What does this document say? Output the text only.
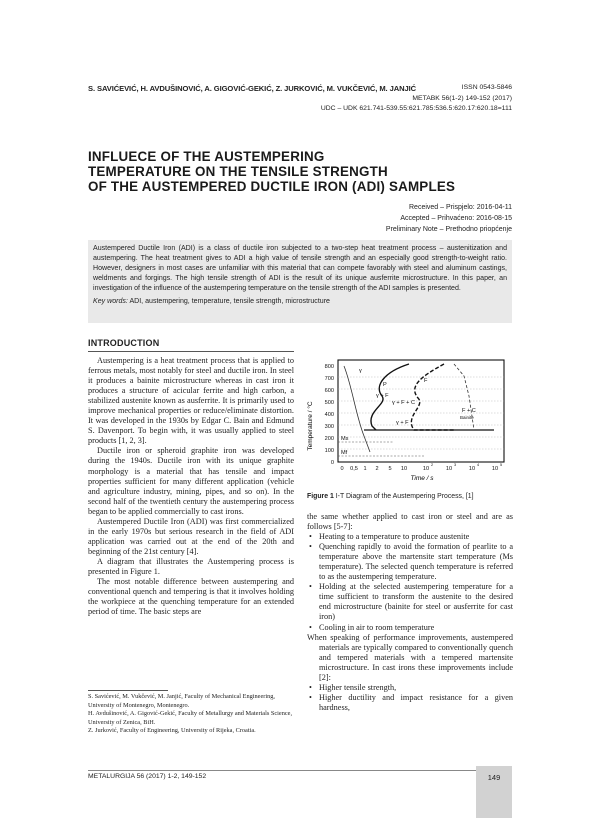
S. SAVIĆEVIĆ, H. AVDUŠINOVIĆ, A. GIGOVIĆ-GEKIĆ, Z. JURKOVIĆ, M. VUKČEVIĆ, M. JANJIĆ	ISSN 0543-5846
METABK 56(1-2) 149-152 (2017)
UDC – UDK 621.741-539.55:621.785:536.5:620.17:620.18=111
INFLUECE OF THE AUSTEMPERING
TEMPERATURE ON THE TENSILE STRENGTH
OF THE AUSTEMPERED DUCTILE IRON (ADI) SAMPLES
Received – Prispjelo: 2016-04-11
Accepted – Prihvaćeno: 2016-08-15
Preliminary Note – Prethodno priopćenje

Austempered Ductile Iron (ADI) is a class of ductile iron subjected to a two-step heat treatment process – austenitization and austempering. The heat treatment gives to ADI a high value of tensile strength and an especially good strength-to-weight ratio. However, designers in most cases are unfamiliar with this material that can compete favorably with steel and aluminum castings, weldments and forgings. The high tensile strength of ADI is the result of its unique ausferrite microstructure. In this paper, an investigation of the influence of the austempering temperature on the tensile strength of the ADI samples is presented.

Key words: ADI, austempering, temperature, tensile strength, microstructure

INTRODUCTION

Austempering is a heat treatment process that is applied to ferrous metals, most notably for steel and ductile iron. In steel it produces a bainite microstructure whereas in cast iron it produces a structure of acicular ferrite and high carbon, a stabilized austenite known as ausferrite. It is primarily used to improve mechanical properties or reduce/eliminate distortion. It was developed in the 1930s by Edgar C. Bain and Edmund S. Davenport. To begin with, it was usually applied to steel products [1, 2, 3].

Ductile iron or spheroid graphite iron was developed during the 1940s. Ductile iron with its unique graphite morphology is a material that has tensile and impact properties sufficient for many different application (vehicle and agriculture industry, mining, pipes, and so on). In the second half of the twentieth century the austempering process began to be applied commercially to cast irons.

Austempered Ductile Iron (ADI) was first commercialized in the early 1970s but serious research in the field of ADI application was carried out at the end of the 20th and beginning of the 21st century [4].

A diagram that illustrates the Austempering process is presented in Figure 1.

The most notable difference between austempering and conventional quench and tempering is that it involves holding the workpiece at the quenching temperature for an extended period of time. The basic steps are

Temperature / °C
800
700
600
500
400
300
200
100
0
γ
P
F
γ + F
γ + F + C
γ + F
F + C
Bainite
Ms
Mf
0 0,5 1 2 5 10	10	10	10	10
2	3	4	5
Time / s
Figure 1 I-T Diagram of the Austempering Process, [1]

the same whether applied to cast iron or steel and are as follows [5-7]:

• Heating to a temperature to produce austenite
• Quenching rapidly to avoid the formation of pearlite to a temperature above the martensite start temperature (Ms temperature). The selected quench temperature is referred to as the austempering temperature.
• Holding at the selected austempering temperature for a time sufficient to transform the austenite to the desired end microstructure (bainite for steel or ausferrite for cast iron)
• Cooling in air to room temperature

When speaking of performance improvements, austempered materials are typically compared to conventionally quench and tempered materials with a tempered martensite microstructure. In cast irons these improvements include [2]:

• Higher tensile strength,
• Higher ductility and impact resistance for a given hardness,
S. Savićević, M. Vukčević, M. Janjić, Faculty of Mechanical Engineering, University of Montenegro, Montenegro.
H. Avdušinović, A. Gigović-Gekić, Faculty of Metallurgy and Materials Science, University of Zenica, BiH.
Z. Jurković, Faculty of Engineering, University of Rijeka, Croatia.
METALURGIJA 56 (2017) 1-2, 149-152	149
